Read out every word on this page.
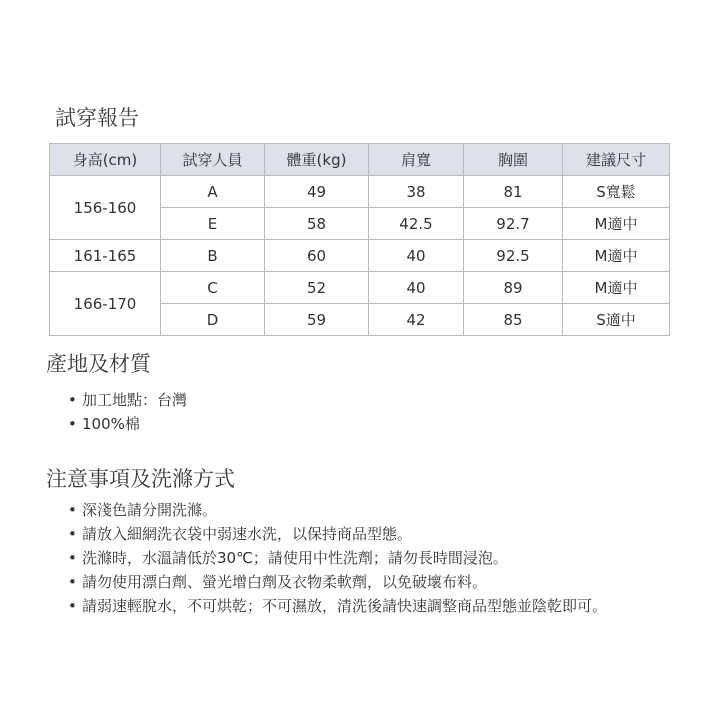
試穿報告
身高(cm)	試穿人員	體重(kg)	肩寬	胸圍	建議尺寸
156-160	A	49	38	81	S寬鬆
	E	58	42.5	92.7	M適中
161-165	B	60	40	92.5	M適中
166-170	C	52	40	89	M適中
	D	59	42	85	S適中
產地及材質
• 加工地點：台灣
• 100%棉
注意事項及洗滌方式
• 深淺色請分開洗滌。
• 請放入細網洗衣袋中弱速水洗，以保持商品型態。
• 洗滌時，水溫請低於30℃；請使用中性洗劑；請勿長時間浸泡。
• 請勿使用漂白劑、螢光增白劑及衣物柔軟劑，以免破壞布料。
• 請弱速輕脫水，不可烘乾；不可濕放，清洗後請快速調整商品型態並陰乾即可。
